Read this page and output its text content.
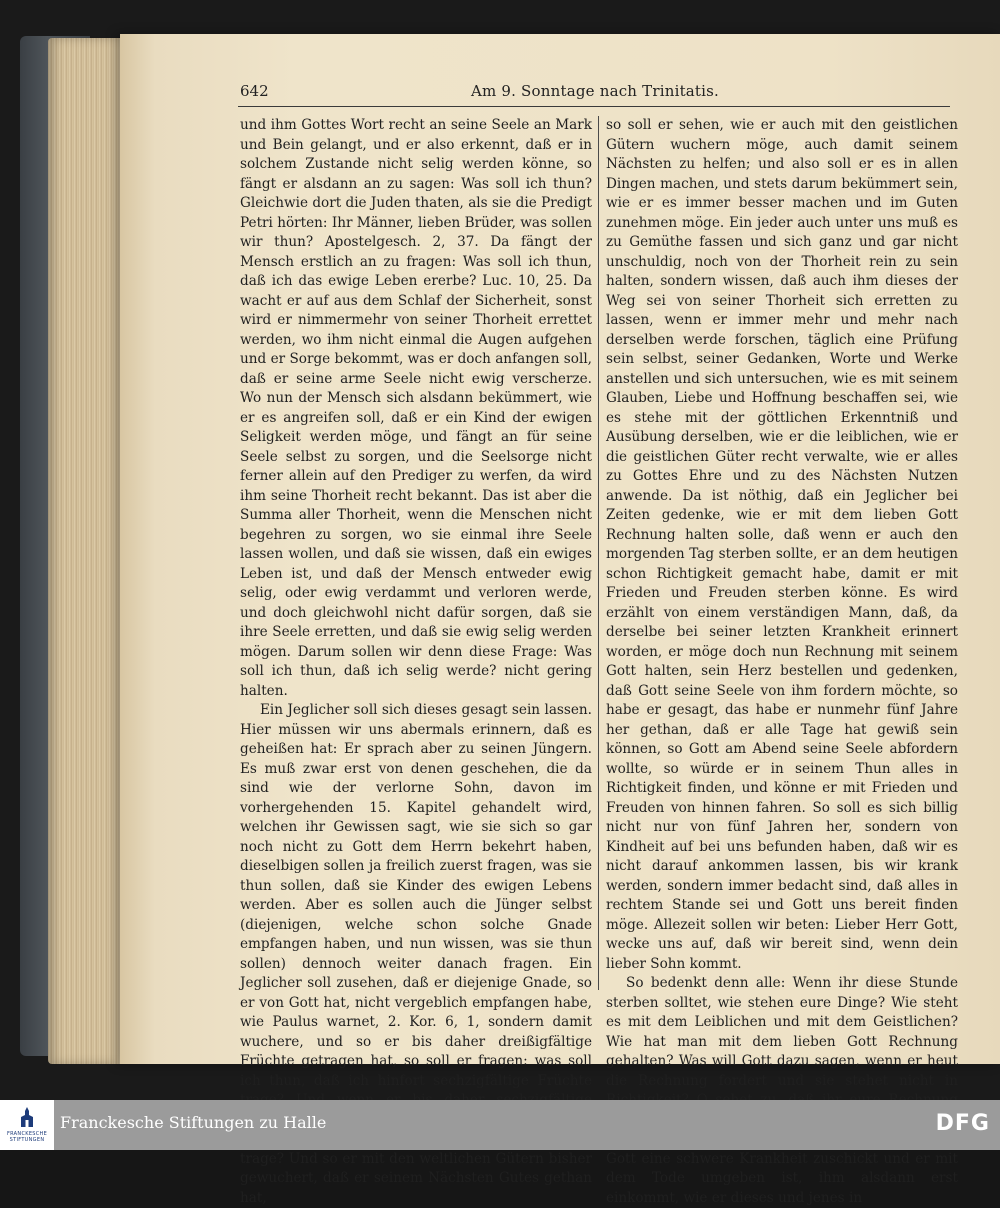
642	Am 9. Sonntage nach Trinitatis.

und ihm Gottes Wort recht an seine Seele an Mark und Bein gelangt, und er also erkennt, daß er in solchem Zustande nicht selig werden könne, so fängt er alsdann an zu sagen: Was soll ich thun? Gleichwie dort die Juden thaten, als sie die Predigt Petri hörten: Ihr Männer, lieben Brüder, was sollen wir thun? Apostelgesch. 2, 37. Da fängt der Mensch erstlich an zu fragen: Was soll ich thun, daß ich das ewige Leben ererbe? Luc. 10, 25. Da wacht er auf aus dem Schlaf der Sicherheit, sonst wird er nimmermehr von seiner Thorheit errettet werden, wo ihm nicht einmal die Augen aufgehen und er Sorge bekommt, was er doch anfangen soll, daß er seine arme Seele nicht ewig verscherze. Wo nun der Mensch sich alsdann bekümmert, wie er es angreifen soll, daß er ein Kind der ewigen Seligkeit werden möge, und fängt an für seine Seele selbst zu sorgen, und die Seelsorge nicht ferner allein auf den Prediger zu werfen, da wird ihm seine Thorheit recht bekannt. Das ist aber die Summa aller Thorheit, wenn die Menschen nicht begehren zu sorgen, wo sie einmal ihre Seele lassen wollen, und daß sie wissen, daß ein ewiges Leben ist, und daß der Mensch entweder ewig selig, oder ewig verdammt und verloren werde, und doch gleichwohl nicht dafür sorgen, daß sie ihre Seele erretten, und daß sie ewig selig werden mögen. Darum sollen wir denn diese Frage: Was soll ich thun, daß ich selig werde? nicht gering halten.

Ein Jeglicher soll sich dieses gesagt sein lassen. Hier müssen wir uns abermals erinnern, daß es geheißen hat: Er sprach aber zu seinen Jüngern. Es muß zwar erst von denen geschehen, die da sind wie der verlorne Sohn, davon im vorhergehenden 15. Kapitel gehandelt wird, welchen ihr Gewissen sagt, wie sie sich so gar noch nicht zu Gott dem Herrn bekehrt haben, dieselbigen sollen ja freilich zuerst fragen, was sie thun sollen, daß sie Kinder des ewigen Lebens werden. Aber es sollen auch die Jünger selbst (diejenigen, welche schon solche Gnade empfangen haben, und nun wissen, was sie thun sollen) dennoch weiter danach fragen. Ein Jeglicher soll zusehen, daß er diejenige Gnade, so er von Gott hat, nicht vergeblich empfangen habe, wie Paulus warnet, 2. Kor. 6, 1, sondern damit wuchere, und so er bis daher dreißigfältige Früchte getragen hat, so soll er fragen: was soll ich thun, daß ich hinfort sechzigfältige Früchte trage? Und so er mit den weltlichen Gütern bisher gewuchert, daß er seinem Nächsten Gutes gethan hat,

so soll er sehen, wie er auch mit den geistlichen Gütern wuchern möge, auch damit seinem Nächsten zu helfen; und also soll er es in allen Dingen machen, und stets darum bekümmert sein, wie er es immer besser machen und im Guten zunehmen möge. Ein jeder auch unter uns muß es zu Gemüthe fassen und sich ganz und gar nicht unschuldig, noch von der Thorheit rein zu sein halten, sondern wissen, daß auch ihm dieses der Weg sei von seiner Thorheit sich erretten zu lassen, wenn er immer mehr und mehr nach derselben werde forschen, täglich eine Prüfung sein selbst, seiner Gedanken, Worte und Werke anstellen und sich untersuchen, wie es mit seinem Glauben, Liebe und Hoffnung beschaffen sei, wie es stehe mit der göttlichen Erkenntniß und Ausübung derselben, wie er die leiblichen, wie er die geistlichen Güter recht verwalte, wie er alles zu Gottes Ehre und zu des Nächsten Nutzen anwende. Da ist nöthig, daß ein Jeglicher bei Zeiten gedenke, wie er mit dem lieben Gott Rechnung halten solle, daß wenn er auch den morgenden Tag sterben sollte, er an dem heutigen schon Richtigkeit gemacht habe, damit er mit Frieden und Freuden sterben könne. Es wird erzählt von einem verständigen Mann, daß, da derselbe bei seiner letzten Krankheit erinnert worden, er möge doch nun Rechnung mit seinem Gott halten, sein Herz bestellen und gedenken, daß Gott seine Seele von ihm fordern möchte, so habe er gesagt, das habe er nunmehr fünf Jahre her gethan, daß er alle Tage hat gewiß sein können, so Gott am Abend seine Seele abfordern wollte, so würde er in seinem Thun alles in Richtigkeit finden, und könne er mit Frieden und Freuden von hinnen fahren. So soll es sich billig nicht nur von fünf Jahren her, sondern von Kindheit auf bei uns befunden haben, daß wir es nicht darauf ankommen lassen, bis wir krank werden, sondern immer bedacht sind, daß alles in rechtem Stande sei und Gott uns bereit finden möge. Allezeit sollen wir beten: Lieber Herr Gott, wecke uns auf, daß wir bereit sind, wenn dein lieber Sohn kommt.

So bedenkt denn alle: Wenn ihr diese Stunde sterben solltet, wie stehen eure Dinge? Wie steht es mit dem Leiblichen und mit dem Geistlichen? Wie hat man mit dem lieben Gott Rechnung gehalten? Was will Gott dazu sagen, wenn er heut die Rechnung fordert und sie stehet nicht in Gott eine schwere Krankheit zuschickt und er mit dem Tode umgeben ist, ihm alsdann erst einkommt, wie er dieses und jenes in

FRANCKESCHE
STIFTUNGEN
Franckesche Stiftungen zu Halle	DFG
